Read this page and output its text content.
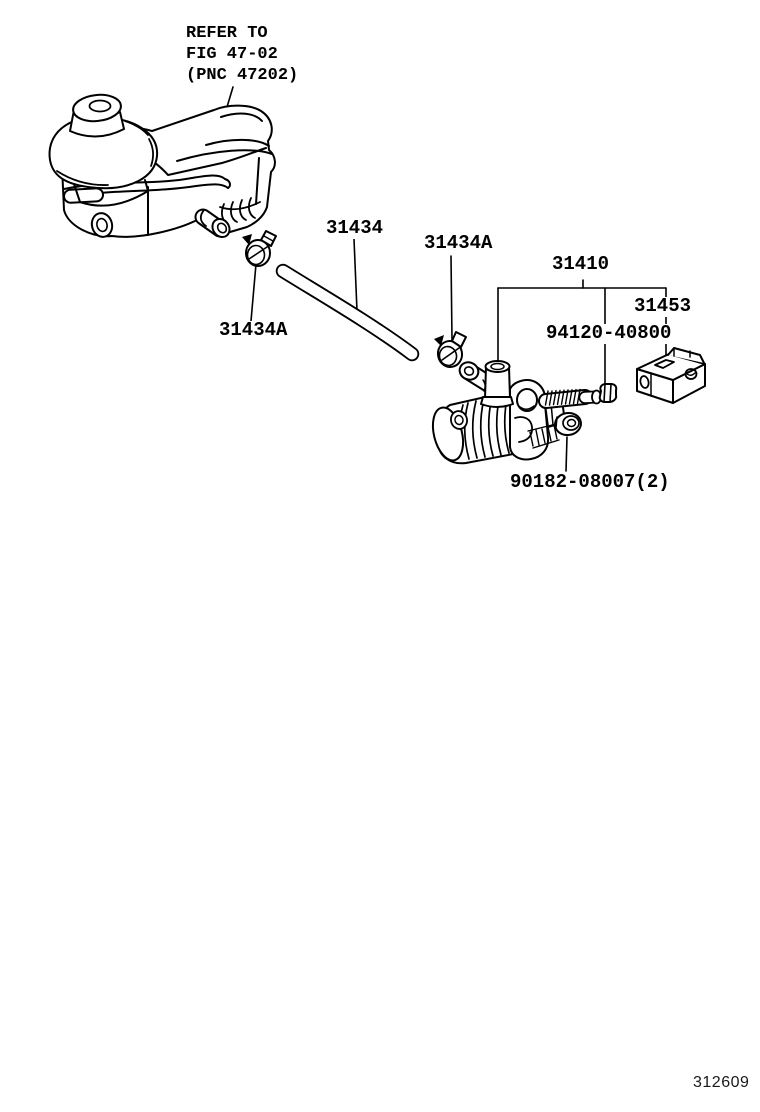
REFER TO
FIG 47-02
(PNC 47202)
31434
31434A
31410
31453
94120-40800
31434A
90182-08007(2)
312609
